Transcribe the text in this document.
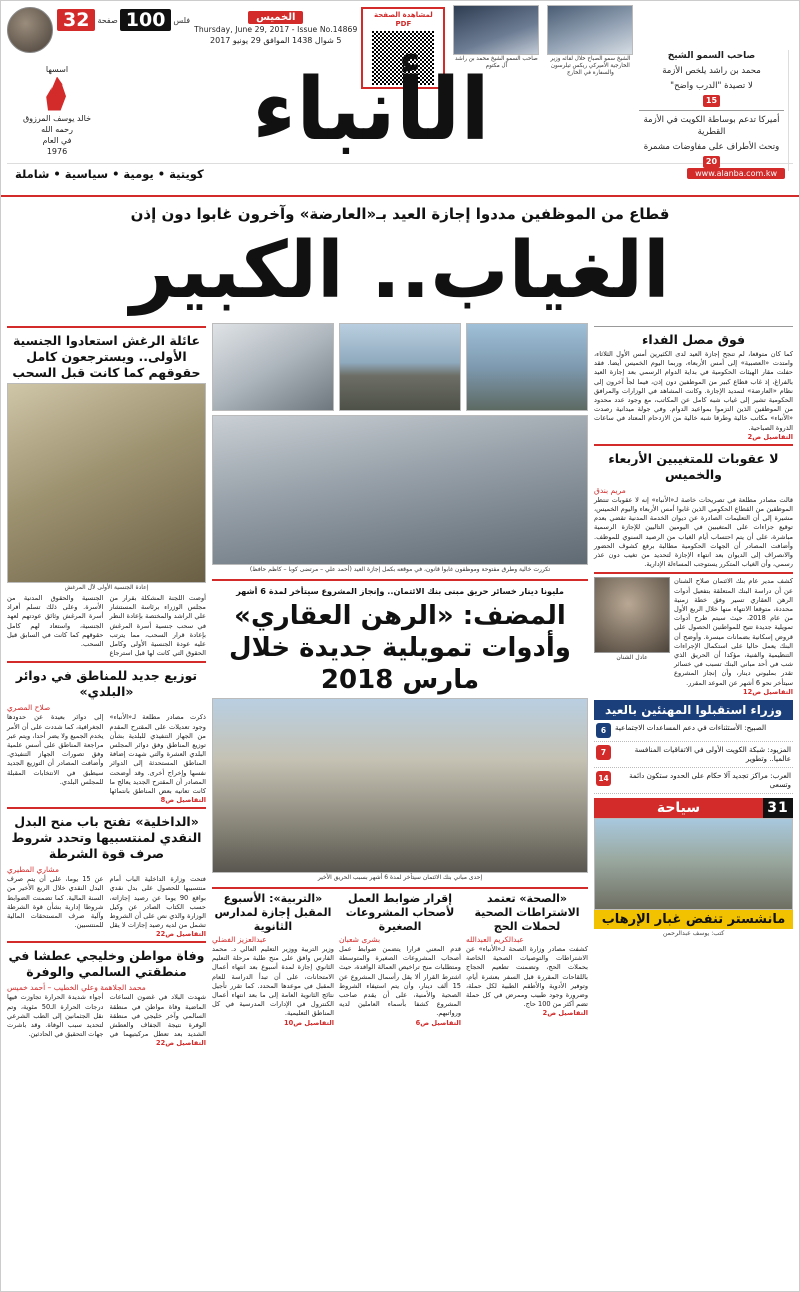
32	صفحة 100	فلس	الخميس
Thursday, June 29, 2017 - Issue No.14869
5 شوال 1438 الموافق 29 يونيو 2017
لمشاهدة الصفحة PDF
صاحب السمو الشيخ محمد بن راشد آل مكتوم
الشيخ سمو الصباح خلال لقائه وزير الخارجية الأميركي ريكس تيلرسون والسفارة في الخارج
اسسها
خالد يوسف المرزوق
رحمه الله
في العام
1976	الأنباء
صاحب السمو الشيخ
محمد بن راشد يلخص الأزمة
لا تصيدة "الدرب واضح"
15
أميركا تدعم بوساطة الكويت في الأزمة القطرية
وتحث الأطراف على مفاوضات مشمرة
20
كويتية • يومية • سياسية • شاملة	www.alanba.com.kw
قطاع من الموظفين مددوا إجازة العيد بـ«العارضة» وآخرون غابوا دون إذن
الغياب.. الكبير
عائلة الرغش استعادوا الجنسية الأولى.. ويسترجعون كامل حقوقهم كما كانت قبل السحب
إعادة الجنسية الأولى لآل المرغش
أوصت اللجنة المشكلة بقرار من مجلس الوزراء برئاسة المستشار علي الراشد والمختصة بإعادة النظر في سحب جنسية أسرة المرغش بإعادة قرار السحب، مما يترتب عليه عودة الجنسية الأولى وكامل الحقوق التي كانت لها قبل استرجاع الجنسية والحقوق المدنية من الأسرة. وعلى ذلك تسلم أفراد أسرة المرغش وثائق عودتهم لعهد الجنسية، واستعاد لهم كامل حقوقهم كما كانت في السابق قبل السحب.
توزيع جديد للمناطق في دوائر «البلدي»
صلاح المصري
ذكرت مصادر مطلعة لـ«الأنباء» وجود تعديلات على المقترح المقدم من الجهاز التنفيذي للبلدية بشأن توزيع المناطق وفق دوائر المجلس البلدي العشرة والتي شهدت إضافة المناطق المستحدثة إلى الدوائر نفسها وإخراج أخرى. وقد أوضحت المصادر أن المقترح الجديد يعالج ما كانت تعانيه بعض المناطق بانتمائها إلى دوائر بعيدة عن حدودها الجغرافية، كما شددت على أن الأمر يخدم الجميع ولا يضر أحدا، ويتم عبر مراجعة المناطق على أسس علمية وفق تصورات الجهاز التنفيذي. وأضافت المصادر أن التوزيع الجديد سيطبق في الانتخابات المقبلة للمجلس البلدي.
التفاصيل ص8
«الداخلية» تفتح باب منح البدل النقدي لمنتسبيها وتحدد شروط صرف قوة الشرطة
مشاري المطيري
فتحت وزارة الداخلية الباب أمام منتسبيها للحصول على بدل نقدي بواقع 90 يوما عن رصيد إجازاته، حسب الكتاب الصادر عن وكيل الوزارة والذي نص على أن الشروط تشمل من لديه رصيد إجازات لا يقل عن 15 يوما، على أن يتم صرف البدل النقدي خلال الربع الأخير من السنة المالية. كما تضمنت الضوابط شروطا إدارية بشأن قوة الشرطة وآلية صرف المستحقات المالية للمنتسبين.
التفاصيل ص22
وفاة مواطن وخليجي عطشا في منطقتي السالمي والوفرة
محمد الجلاهمة وعلي الخطيب – أحمد خميس
شهدت البلاد في غضون الساعات الماضية وفاة مواطن في منطقة السالمي وآخر خليجي في منطقة الوفرة نتيجة الجفاف والعطش الشديد بعد تعطل مركبتيهما في أجواء شديدة الحرارة تجاوزت فيها درجات الحرارة الـ50 مئوية، وتم نقل الجثمانين إلى الطب الشرعي لتحديد سبب الوفاة. وقد باشرت جهات التحقيق في الحادثين.
التفاصيل ص22
تكررت خالية وطرق مفتوحة وموظفون غابوا قانون، في موقعه بكمل إجازة العيد (أحمد علي – مرتضى كوبا – كاظم حافظ)
مليونا دينار خسائر حريق مبنى بنك الائتمان.. وإنجاز المشروع سيتأخر لمدة 6 أشهر
المضف: «الرهن العقاري» وأدوات تمويلية جديدة خلال مارس 2018
إحدى مباني بنك الائتمان سيتأخر لمدة 6 أشهر بسبب الحريق الأخير
«التربية»: الأسبوع المقبل إجازة لمدارس الثانوية
عبدالعزيز الفضلي
وزير التربية ووزير التعليم العالي د. محمد الفارس وافق على منح طلبة مرحلة التعليم الثانوي إجازة لمدة أسبوع بعد انتهاء أعمال الامتحانات، على أن تبدأ الدراسة للعام المقبل في موعدها المحدد. كما تقرر تأجيل نتائج الثانوية العامة إلى ما بعد انتهاء أعمال الكنترول في الإدارات المدرسية في كل المناطق التعليمية.
التفاصيل ص10
إقرار ضوابط العمل لأصحاب المشروعات الصغيرة
بشرى شعبان
قدم المعني قرارا يتضمن ضوابط عمل أصحاب المشروعات الصغيرة والمتوسطة ومتطلبات منح تراخيص العمالة الوافدة، حيث اشترط القرار ألا يقل رأسمال المشروع عن 15 ألف دينار، وأن يتم استيفاء الشروط الصحية والأمنية، على أن يقدم صاحب المشروع كشفا بأسماء العاملين لديه ورواتبهم.
التفاصيل ص6
«الصحة» تعتمد الاشتراطات الصحية لحملات الحج
عبدالكريم العبدالله
كشفت مصادر وزارة الصحة لـ«الأنباء» عن الاشتراطات والتوصيات الصحية الخاصة بحملات الحج، وتضمنت تطعيم الحجاج باللقاحات المقررة قبل السفر بعشرة أيام، وتوفير الأدوية والأطقم الطبية لكل حملة، وضرورة وجود طبيب وممرض في كل حملة تضم أكثر من 100 حاج.
التفاصيل ص2
فوق مصل الفداء
كما كان متوقعا، لم تنجح إجازة العيد لدى الكثيرين أمس الأول الثلاثاء، وامتدت «العصبية» إلى أمس الأربعاء، وربما اليوم الخميس أيضا. فقد حفلت مقار الهيئات الحكومية في بداية الدوام الرسمي بعد إجازة العيد بالفراغ، إذ غاب قطاع كبير من الموظفين دون إذن، فيما لجأ آخرون إلى نظام «العارضة» لتمديد الإجازة. وكانت المشاهد في الوزارات والمرافق الحكومية تشير إلى غياب شبه كامل عن المكاتب، مع وجود عدد محدود من الموظفين الذين التزموا بمواعيد الدوام. وفي جولة ميدانية رصدت «الأنباء» مكاتب خالية وطرقا شبه خالية من الازدحام المعتاد في ساعات الذروة الصباحية.
التفاصيل ص2
لا عقوبات للمتغيبين الأربعاء والخميس
مريم بندق
قالت مصادر مطلعة في تصريحات خاصة لـ«الأنباء» إنه لا عقوبات تنتظر الموظفين من القطاع الحكومي الذين غابوا أمس الأربعاء واليوم الخميس، مشيرة إلى أن التعليمات الصادرة عن ديوان الخدمة المدنية تقضي بعدم توقيع جزاءات على المتغيبين في اليومين التاليين للإجازة الرسمية مباشرة، على أن يتم احتساب أيام الغياب من الرصيد السنوي للموظف. وأضافت المصادر أن الجهات الحكومية مطالبة برفع كشوف الحضور والانصراف إلى الديوان بعد انتهاء الإجازة لتحديد من تغيب دون عذر رسمي، وأن الغياب المتكرر يستوجب المساءلة الإدارية.
عادل الشنان
كشف مدير عام بنك الائتمان صلاح الشنان عن أن دراسة البنك المتعلقة بتفعيل أدوات الرهن العقاري تسير وفق خطة زمنية محددة، متوقعا الانتهاء منها خلال الربع الأول من عام 2018، حيث سيتم طرح أدوات تمويلية جديدة تتيح للمواطنين الحصول على قروض إسكانية بضمانات ميسرة. وأوضح أن البنك يعمل حاليا على استكمال الإجراءات التنظيمية والفنية، مؤكدا أن الحريق الذي شب في أحد مباني البنك تسبب في خسائر تقدر بمليوني دينار، وأن إنجاز المشروع سيتأخر نحو 6 أشهر عن الموعد المقرر.
التفاصيل ص12
وزراء استقبلوا المهنئين بالعيد
6	الصبيح: الأستثناءات في دعم المساعدات الاجتماعية
7	المزيود: شبكة الكويت الأولى في الاتفاقيات المنافسة عالميا.. وتطوير
14	العرب: مراكز تجديد آلا حكام على الحدود ستكون دائمة وتسعى
سياحة	31
مانشستر تنفض غبار الإرهاب
كتب: يوسف عبدالرحمن
